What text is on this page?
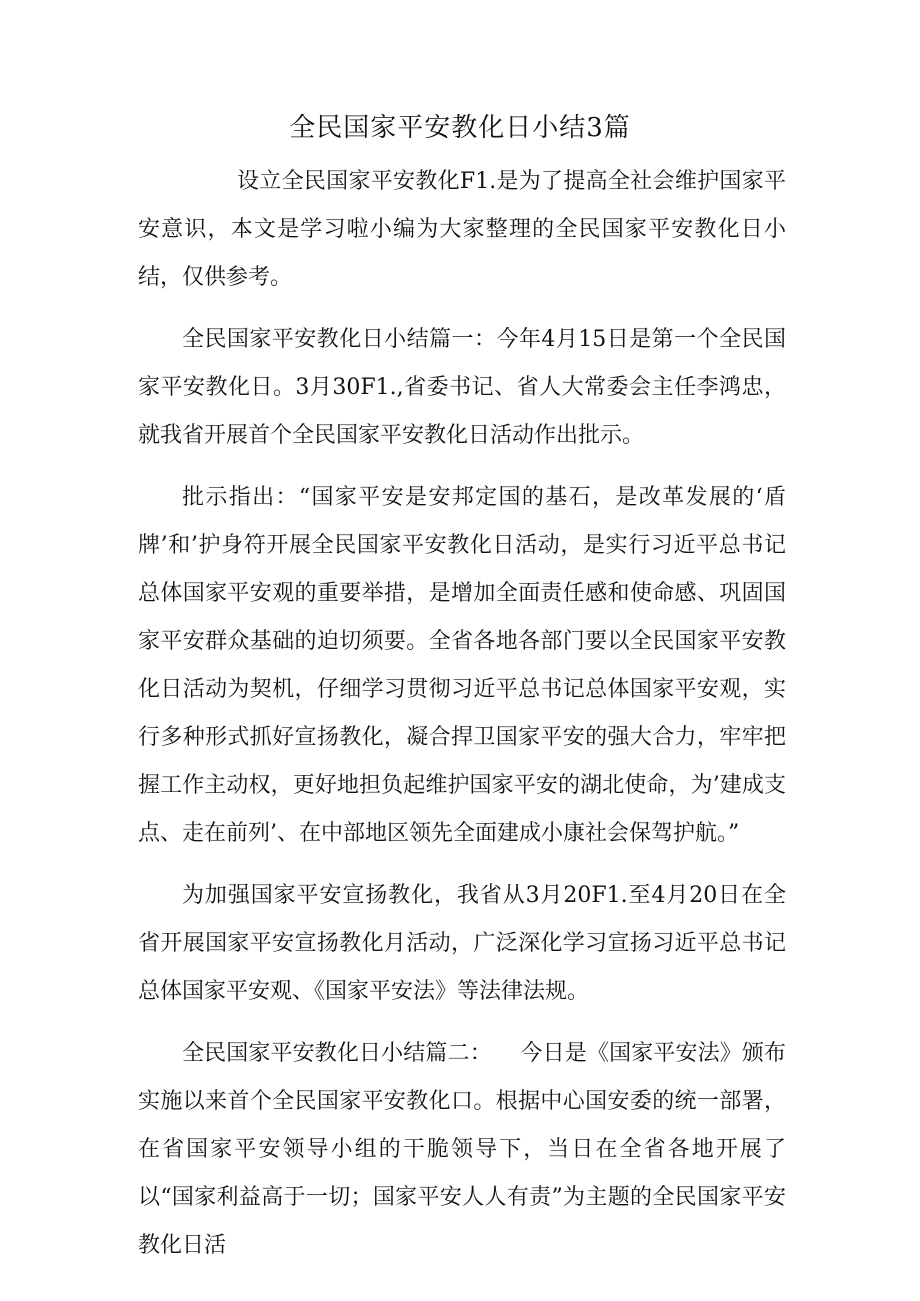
全民国家平安教化日小结3篇

设立全民国家平安教化F1.是为了提高全社会维护国家平安意识，本文是学习啦小编为大家整理的全民国家平安教化日小结，仅供参考。

全民国家平安教化日小结篇一：今年4月15日是第一个全民国家平安教化日。3月30F1.,省委书记、省人大常委会主任李鸿忠，就我省开展首个全民国家平安教化日活动作出批示。

批示指出：“国家平安是安邦定国的基石，是改革发展的‘盾牌’和’护身符开展全民国家平安教化日活动，是实行习近平总书记总体国家平安观的重要举措，是增加全面责任感和使命感、巩固国家平安群众基础的迫切须要。全省各地各部门要以全民国家平安教化日活动为契机，仔细学习贯彻习近平总书记总体国家平安观，实行多种形式抓好宣扬教化，凝合捍卫国家平安的强大合力，牢牢把握工作主动权，更好地担负起维护国家平安的湖北使命，为’建成支点、走在前列’、在中部地区领先全面建成小康社会保驾护航。”

为加强国家平安宣扬教化，我省从3月20F1.至4月20日在全省开展国家平安宣扬教化月活动，广泛深化学习宣扬习近平总书记总体国家平安观、《国家平安法》等法律法规。

全民国家平安教化日小结篇二： 今日是《国家平安法》颁布实施以来首个全民国家平安教化口。根据中心国安委的统一部署，在省国家平安领导小组的干脆领导下，当日在全省各地开展了以“国家利益高于一切；国家平安人人有责”为主题的全民国家平安教化日活
